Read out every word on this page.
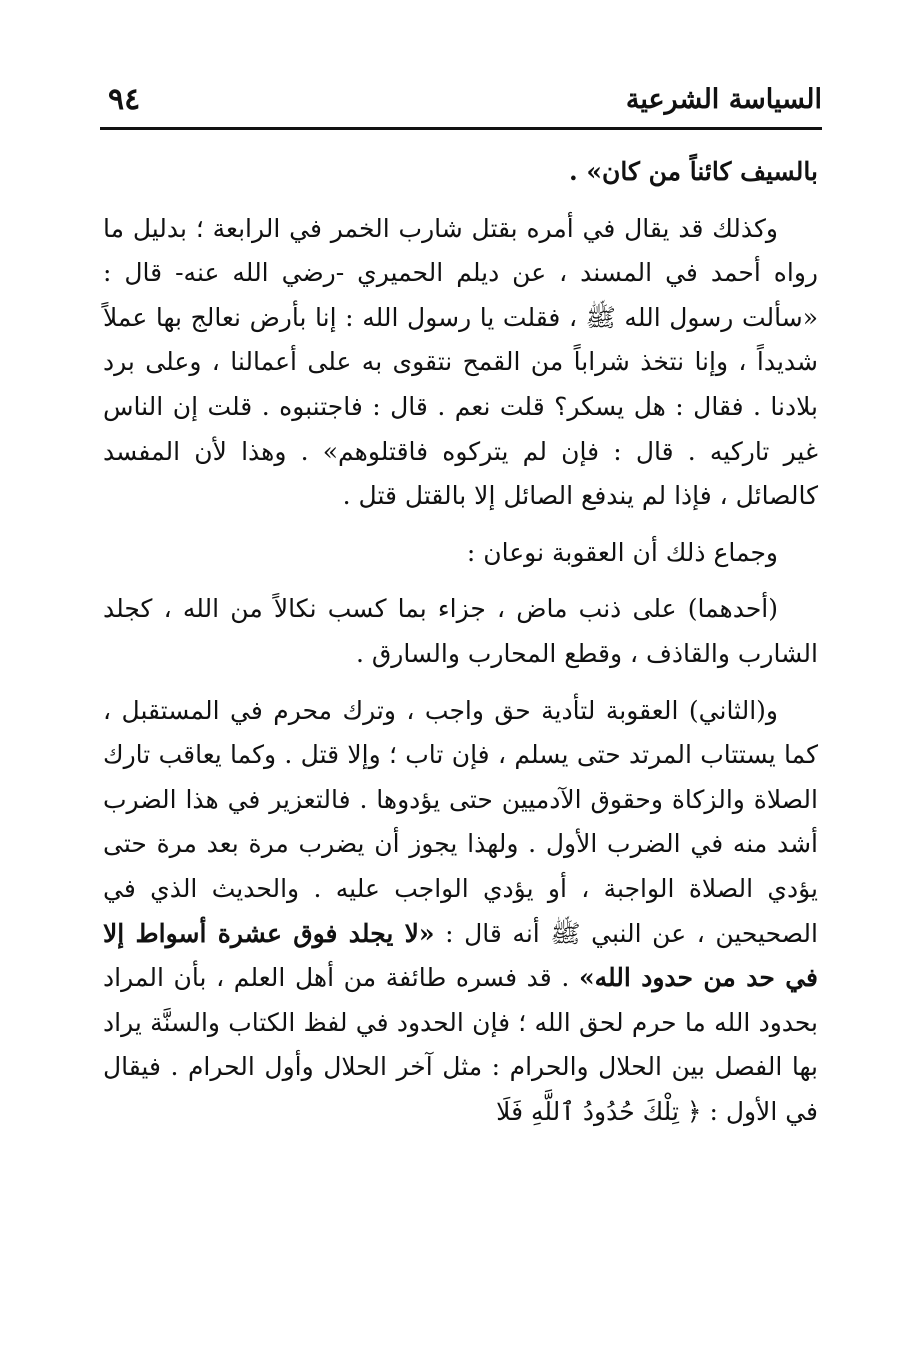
السياسة الشرعية
٩٤

بالسيف كائناً من كان» .

وكذلك قد يقال في أمره بقتل شارب الخمر في الرابعة ؛ بدليل ما رواه أحمد في المسند ، عن ديلم الحميري -رضي الله عنه- قال : «سألت رسول الله ﷺ ، فقلت يا رسول الله : إنا بأرض نعالج بها عملاً شديداً ، وإنا نتخذ شراباً من القمح نتقوى به على أعمالنا ، وعلى برد بلادنا . فقال : هل يسكر؟ قلت نعم . قال : فاجتنبوه . قلت إن الناس غير تاركيه . قال : فإن لم يتركوه فاقتلوهم» . وهذا لأن المفسد كالصائل ، فإذا لم يندفع الصائل إلا بالقتل قتل .

وجماع ذلك أن العقوبة نوعان :

(أحدهما) على ذنب ماض ، جزاء بما كسب نكالاً من الله ، كجلد الشارب والقاذف ، وقطع المحارب والسارق .

و(الثاني) العقوبة لتأدية حق واجب ، وترك محرم في المستقبل ، كما يستتاب المرتد حتى يسلم ، فإن تاب ؛ وإلا قتل . وكما يعاقب تارك الصلاة والزكاة وحقوق الآدميين حتى يؤدوها . فالتعزير في هذا الضرب أشد منه في الضرب الأول . ولهذا يجوز أن يضرب مرة بعد مرة حتى يؤدي الصلاة الواجبة ، أو يؤدي الواجب عليه . والحديث الذي في الصحيحين ، عن النبي ﷺ أنه قال : «لا يجلد فوق عشرة أسواط إلا في حد من حدود الله» . قد فسره طائفة من أهل العلم ، بأن المراد بحدود الله ما حرم لحق الله ؛ فإن الحدود في لفظ الكتاب والسنَّة يراد بها الفصل بين الحلال والحرام : مثل آخر الحلال وأول الحرام . فيقال في الأول : ﴿ تِلْكَ حُدُودُ ٱللَّهِ فَلَا
